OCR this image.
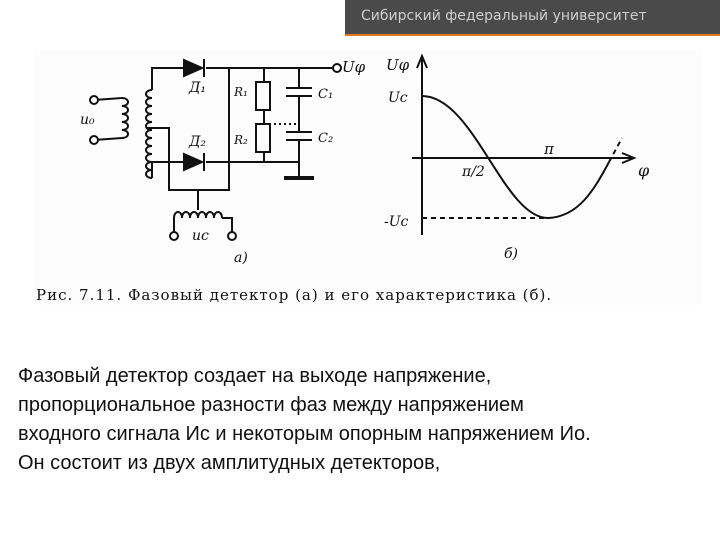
Сибирский федеральный университет
u₀
uс
Д₁
Д₂
R₁
R₂
C₁
C₂
Uφ
а)
Uφ
Uс
-Uс
π/2
π
φ
б)
Рис. 7.11. Фазовый детектор (а) и его характеристика (б).
Фазовый детектор создает на выходе напряжение,
пропорциональное разности фаз между напряжением
входного сигнала Ис и некоторым опорным напряжением Ио.
Он состоит из двух амплитудных детекторов,
